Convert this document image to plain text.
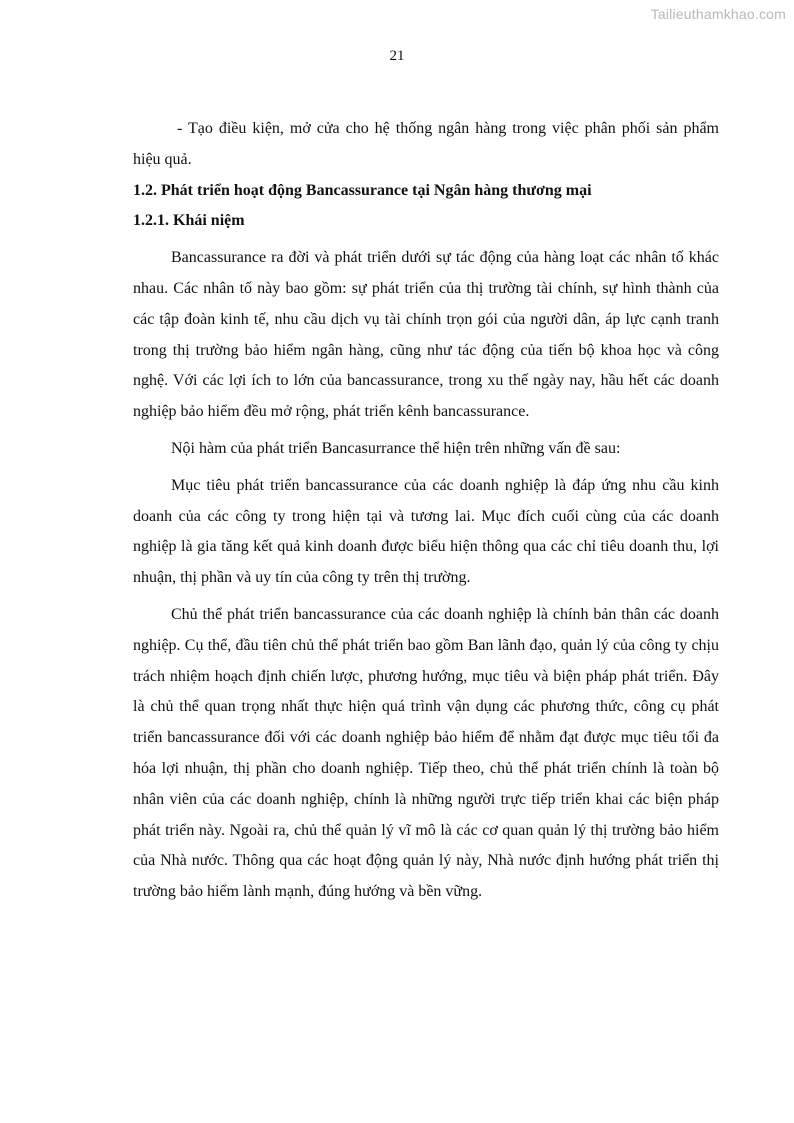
Tailieuthamkhao.com
21

- Tạo điều kiện, mở cửa cho hệ thống ngân hàng trong việc phân phối sản phẩm hiệu quả.

1.2. Phát triển hoạt động Bancassurance tại Ngân hàng thương mại

1.2.1. Khái niệm

Bancassurance ra đời và phát triển dưới sự tác động của hàng loạt các nhân tố khác nhau. Các nhân tố này bao gồm: sự phát triển của thị trường tài chính, sự hình thành của các tập đoàn kinh tế, nhu cầu dịch vụ tài chính trọn gói của người dân, áp lực cạnh tranh trong thị trường bảo hiểm ngân hàng, cũng như tác động của tiến bộ khoa học và công nghệ. Với các lợi ích to lớn của bancassurance, trong xu thế ngày nay, hầu hết các doanh nghiệp bảo hiểm đều mở rộng, phát triển kênh bancassurance.

Nội hàm của phát triển Bancasurrance thể hiện trên những vấn đề sau:

Mục tiêu phát triển bancassurance của các doanh nghiệp là đáp ứng nhu cầu kinh doanh của các công ty trong hiện tại và tương lai. Mục đích cuối cùng của các doanh nghiệp là gia tăng kết quả kinh doanh được biểu hiện thông qua các chỉ tiêu doanh thu, lợi nhuận, thị phần và uy tín của công ty trên thị trường.

Chủ thể phát triển bancassurance của các doanh nghiệp là chính bản thân các doanh nghiệp. Cụ thể, đầu tiên chủ thể phát triển bao gồm Ban lãnh đạo, quản lý của công ty chịu trách nhiệm hoạch định chiến lược, phương hướng, mục tiêu và biện pháp phát triển. Đây là chủ thể quan trọng nhất thực hiện quá trình vận dụng các phương thức, công cụ phát triển bancassurance đối với các doanh nghiệp bảo hiểm để nhằm đạt được mục tiêu tối đa hóa lợi nhuận, thị phần cho doanh nghiệp. Tiếp theo, chủ thể phát triển chính là toàn bộ nhân viên của các doanh nghiệp, chính là những người trực tiếp triển khai các biện pháp phát triển này. Ngoài ra, chủ thể quản lý vĩ mô là các cơ quan quản lý thị trường bảo hiểm của Nhà nước. Thông qua các hoạt động quản lý này, Nhà nước định hướng phát triển thị trường bảo hiểm lành mạnh, đúng hướng và bền vững.
